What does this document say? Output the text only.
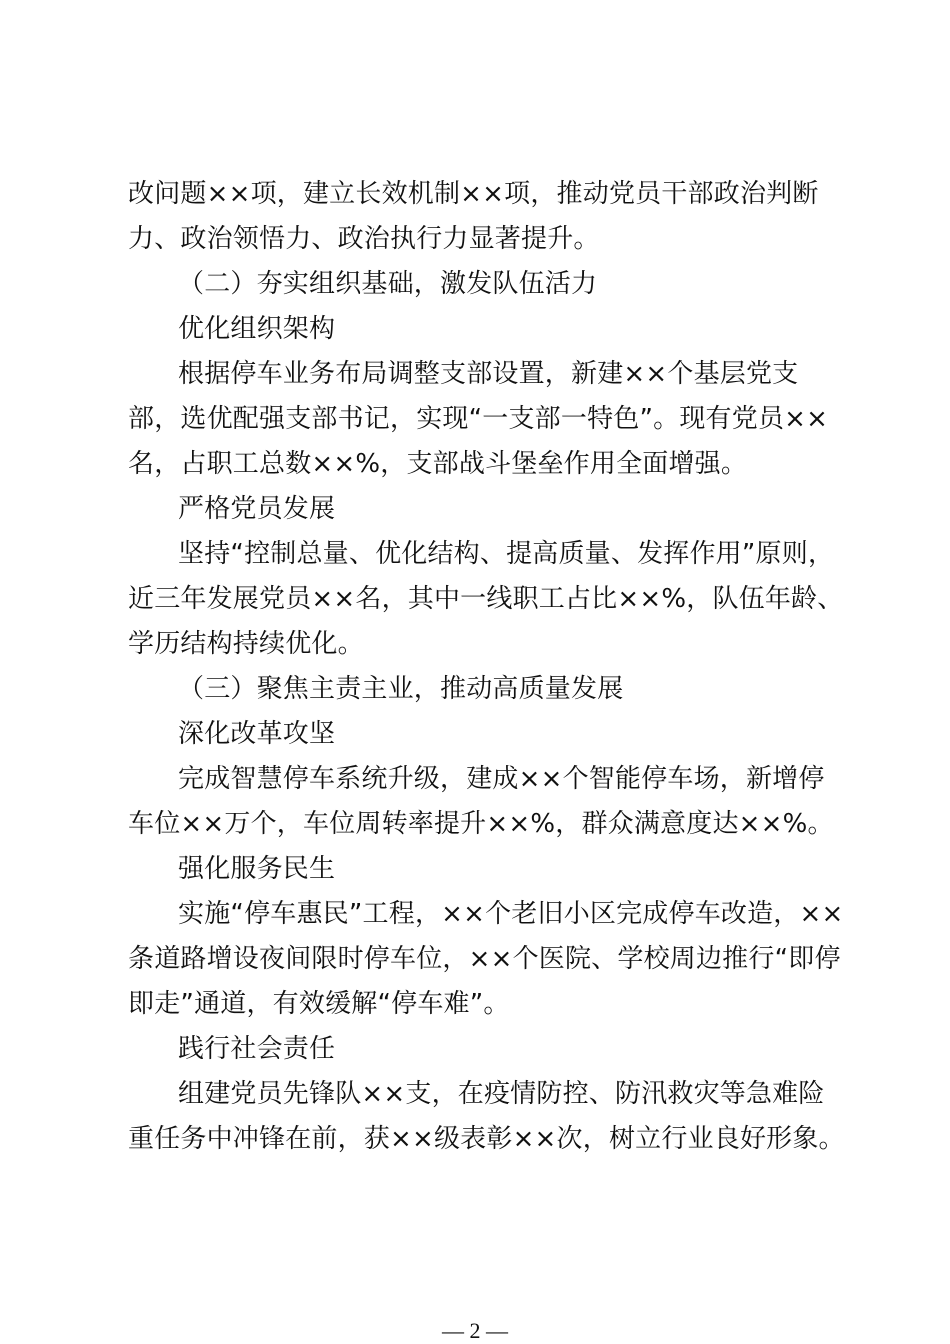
改问题××项，建立长效机制××项，推动党员干部政治判断
力、政治领悟力、政治执行力显著提升。
（二）夯实组织基础，激发队伍活力
优化组织架构
根据停车业务布局调整支部设置，新建××个基层党支
部，选优配强支部书记，实现“一支部一特色”。现有党员××
名，占职工总数××%，支部战斗堡垒作用全面增强。
严格党员发展
坚持“控制总量、优化结构、提高质量、发挥作用”原则，
近三年发展党员××名，其中一线职工占比××%，队伍年龄、
学历结构持续优化。
（三）聚焦主责主业，推动高质量发展
深化改革攻坚
完成智慧停车系统升级，建成××个智能停车场，新增停
车位××万个，车位周转率提升××%，群众满意度达××%。
强化服务民生
实施“停车惠民”工程，××个老旧小区完成停车改造，××
条道路增设夜间限时停车位，××个医院、学校周边推行“即停
即走”通道，有效缓解“停车难”。
践行社会责任
组建党员先锋队××支，在疫情防控、防汛救灾等急难险
重任务中冲锋在前，获××级表彰××次，树立行业良好形象。
— 2 —
